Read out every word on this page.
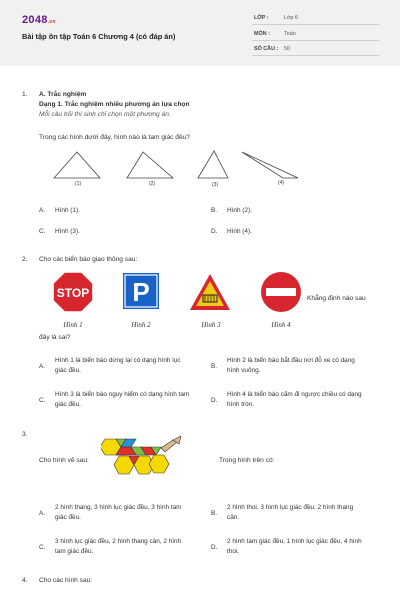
2048.vn
Bài tập ôn tập Toán 6 Chương 4 (có đáp án)
LỚP :	Lớp 6
MÔN :	Toán
SỐ CÂU : 50
1. A. Trắc nghiệm
Dạng 1. Trắc nghiệm nhiều phương án lựa chọn
Mỗi câu hỏi thí sinh chỉ chọn một phương án.
Trong các hình dưới đây, hình nào là tam giác đều?
(1)	(2)	(3)	(4)
A. Hình (1).	B. Hình (2).
C. Hình (3).	D. Hình (4).
2. Cho các biển báo giao thông sau:
STOP P	Khẳng định nào sau
Hình 1	Hình 2	Hình 3	Hình 4
đây là sai?
A.
Hình 1 là biển báo dừng lại có dạng hình lục giác đều.
B.
Hình 2 là biển báo bắt đầu nơi đỗ xe có dạng hình vuông.
C.
Hình 3 là biển báo nguy hiểm có dạng hình tam giác đều.
D.
Hình 4 là biển báo cấm đi ngược chiều có dạng hình tròn.
3.
Cho hình vẽ sau:	Trong hình trên có:
A.
2 hình thang, 3 hình lục giác đều, 3 hình tam giác đều.
B.
2 hình thoi, 3 hình lục giác đều, 2 hình thang cân.
C.
3 hình lục giác đều, 2 hình thang cân, 2 hình tam giác đều.
D.
2 hình tam giác đều, 1 hình lục giác đều, 4 hình thoi.
4. Cho các hình sau:
